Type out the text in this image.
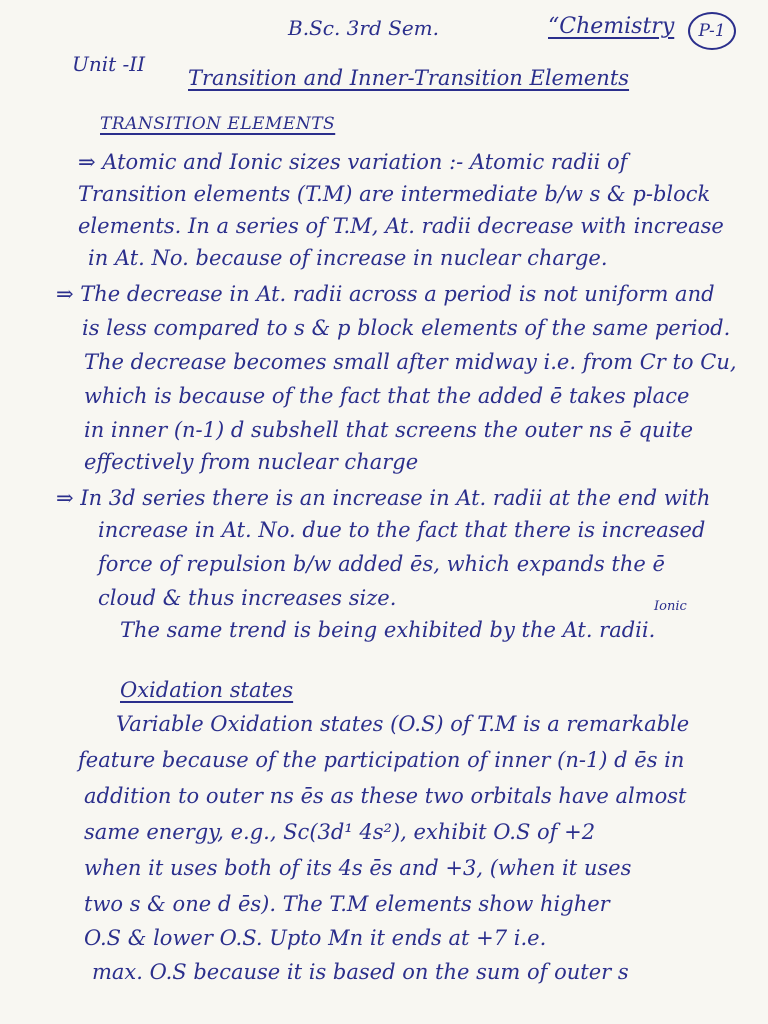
B.Sc. 3rd Sem.	“Chemistry P-1
Unit -II
Transition and Inner-Transition Elements
TRANSITION ELEMENTS
⇒ Atomic and Ionic sizes variation :- Atomic radii of
Transition elements (T.M) are intermediate b/w s & p-block
elements. In a series of T.M, At. radii decrease with increase
in At. No. because of increase in nuclear charge.
⇒ The decrease in At. radii across a period is not uniform and
is less compared to s & p block elements of the same period.
The decrease becomes small after midway i.e. from Cr to Cu,
which is because of the fact that the added ē takes place
in inner (n-1) d subshell that screens the outer ns ē quite
effectively from nuclear charge
⇒ In 3d series there is an increase in At. radii at the end with
increase in At. No. due to the fact that there is increased
force of repulsion b/w added ēs, which expands the ē
cloud & thus increases size.	Ionic
The same trend is being exhibited by the At. radii.
Oxidation states
Variable Oxidation states (O.S) of T.M is a remarkable
feature because of the participation of inner (n-1) d ēs in
addition to outer ns ēs as these two orbitals have almost
same energy, e.g., Sc(3d¹ 4s²), exhibit O.S of +2
when it uses both of its 4s ēs and +3, (when it uses
two s & one d ēs). The T.M elements show higher
O.S & lower O.S. Upto Mn it ends at +7 i.e.
max. O.S because it is based on the sum of outer s
